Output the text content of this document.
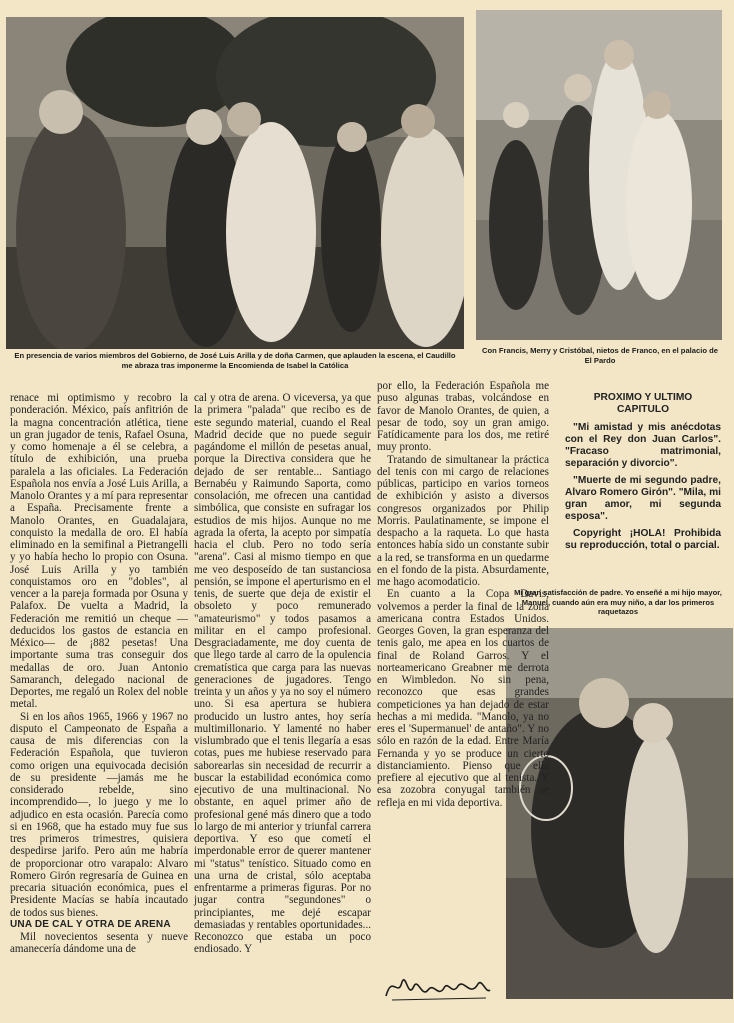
En presencia de varios miembros del Gobierno, de José Luis Arilla y de doña Carmen, que aplauden la escena, el Caudillo me abraza tras imponerme la Encomienda de Isabel la Católica
Con Francis, Merry y Cristóbal, nietos de Franco, en el palacio de El Pardo
Mi gran satisfacción de padre. Yo enseñé a mi hijo mayor, Manuel, cuando aún era muy niño, a dar los primeros raquetazos

renace mi optimismo y recobro la ponderación. México, país anfitrión de la magna concentración atlética, tiene un gran jugador de tenis, Rafael Osuna, y como homenaje a él se celebra, a título de exhibición, una prueba paralela a las oficiales. La Federación Española nos envía a José Luis Arilla, a Manolo Orantes y a mí para representar a España. Precisamente frente a Manolo Orantes, en Guadalajara, conquisto la medalla de oro. El había eliminado en la semifinal a Pietrangelli y yo había hecho lo propio con Osuna. José Luis Arilla y yo también conquistamos oro en "dobles", al vencer a la pareja formada por Osuna y Palafox. De vuelta a Madrid, la Federación me remitió un cheque —deducidos los gastos de estancia en México— de ¡882 pesetas! Una importante suma tras conseguir dos medallas de oro. Juan Antonio Samaranch, delegado nacional de Deportes, me regaló un Rolex del noble metal.

Si en los años 1965, 1966 y 1967 no disputo el Campeonato de España a causa de mis diferencias con la Federación Española, que tuvieron como origen una equivocada decisión de su presidente —jamás me he considerado rebelde, sino incomprendido—, lo juego y me lo adjudico en esta ocasión. Parecía como si en 1968, que ha estado muy fue sus tres primeros trimestres, quisiera despedirse jarifo. Pero aún me habría de proporcionar otro varapalo: Alvaro Romero Girón regresaría de Guinea en precaria situación económica, pues el Presidente Macías se había incautado de todos sus bienes.

UNA DE CAL Y OTRA DE ARENA

Mil novecientos sesenta y nueve amanecería dándome una de

cal y otra de arena. O viceversa, ya que la primera "palada" que recibo es de este segundo material, cuando el Real Madrid decide que no puede seguir pagándome el millón de pesetas anual, porque la Directiva considera que he dejado de ser rentable... Santiago Bernabéu y Raimundo Saporta, como consolación, me ofrecen una cantidad simbólica, que consiste en sufragar los estudios de mis hijos. Aunque no me agrada la oferta, la acepto por simpatía hacia el club. Pero no todo sería "arena". Casi al mismo tiempo en que me veo desposeído de tan sustanciosa pensión, se impone el aperturismo en el tenis, de suerte que deja de existir el obsoleto y poco remunerado "amateurismo" y todos pasamos a militar en el campo profesional. Desgraciadamente, me doy cuenta de que llego tarde al carro de la opulencia crematística que carga para las nuevas generaciones de jugadores. Tengo treinta y un años y ya no soy el número uno. Si esa apertura se hubiera producido un lustro antes, hoy sería multimillonario. Y lamenté no haber vislumbrado que el tenis llegaría a esas cotas, pues me hubiese reservado para saborearlas sin necesidad de recurrir a buscar la estabilidad económica como ejecutivo de una multinacional. No obstante, en aquel primer año de profesional gené más dinero que a todo lo largo de mi anterior y triunfal carrera deportiva. Y eso que cometí el imperdonable error de querer mantener mi "status" tenístico. Situado como en una urna de cristal, sólo aceptaba enfrentarme a primeras figuras. Por no jugar contra "segundones" o principiantes, me dejé escapar demasiadas y rentables oportunidades... Reconozco que estaba un poco endiosado. Y

por ello, la Federación Española me puso algunas trabas, volcándose en favor de Manolo Orantes, de quien, a pesar de todo, soy un gran amigo. Fatídicamente para los dos, me retiré muy pronto.

Tratando de simultanear la práctica del tenis con mi cargo de relaciones públicas, participo en varios torneos de exhibición y asisto a diversos congresos organizados por Philip Morris. Paulatinamente, se impone el despacho a la raqueta. Lo que hasta entonces había sido un constante subir a la red, se transforma en un quedarme en el fondo de la pista. Absurdamente, me hago acomodaticio.

En cuanto a la Copa Davis, volvemos a perder la final de la zona americana contra Estados Unidos. Georges Goven, la gran esperanza del tenis galo, me apea en los cuartos de final de Roland Garros. Y el norteamericano Greabner me derrota en Wimbledon. No sin pena, reconozco que esas grandes competiciones ya han dejado de estar hechas a mi medida. "Manolo, ya no eres el 'Supermanuel' de antaño". Y no sólo en razón de la edad. Entre María Fernanda y yo se produce un cierto distanciamiento. Pienso que ella prefiere al ejecutivo que al tenista. Y esa zozobra conyugal también se refleja en mi vida deportiva.

PROXIMO Y ULTIMO
CAPITULO

"Mi amistad y mis anécdotas con el Rey don Juan Carlos". "Fracaso matrimonial, separación y divorcio".

"Muerte de mi segundo padre, Alvaro Romero Girón". "Mila, mi gran amor, mi segunda esposa".

Copyright ¡HOLA! Prohibida su reproducción, total o parcial.
